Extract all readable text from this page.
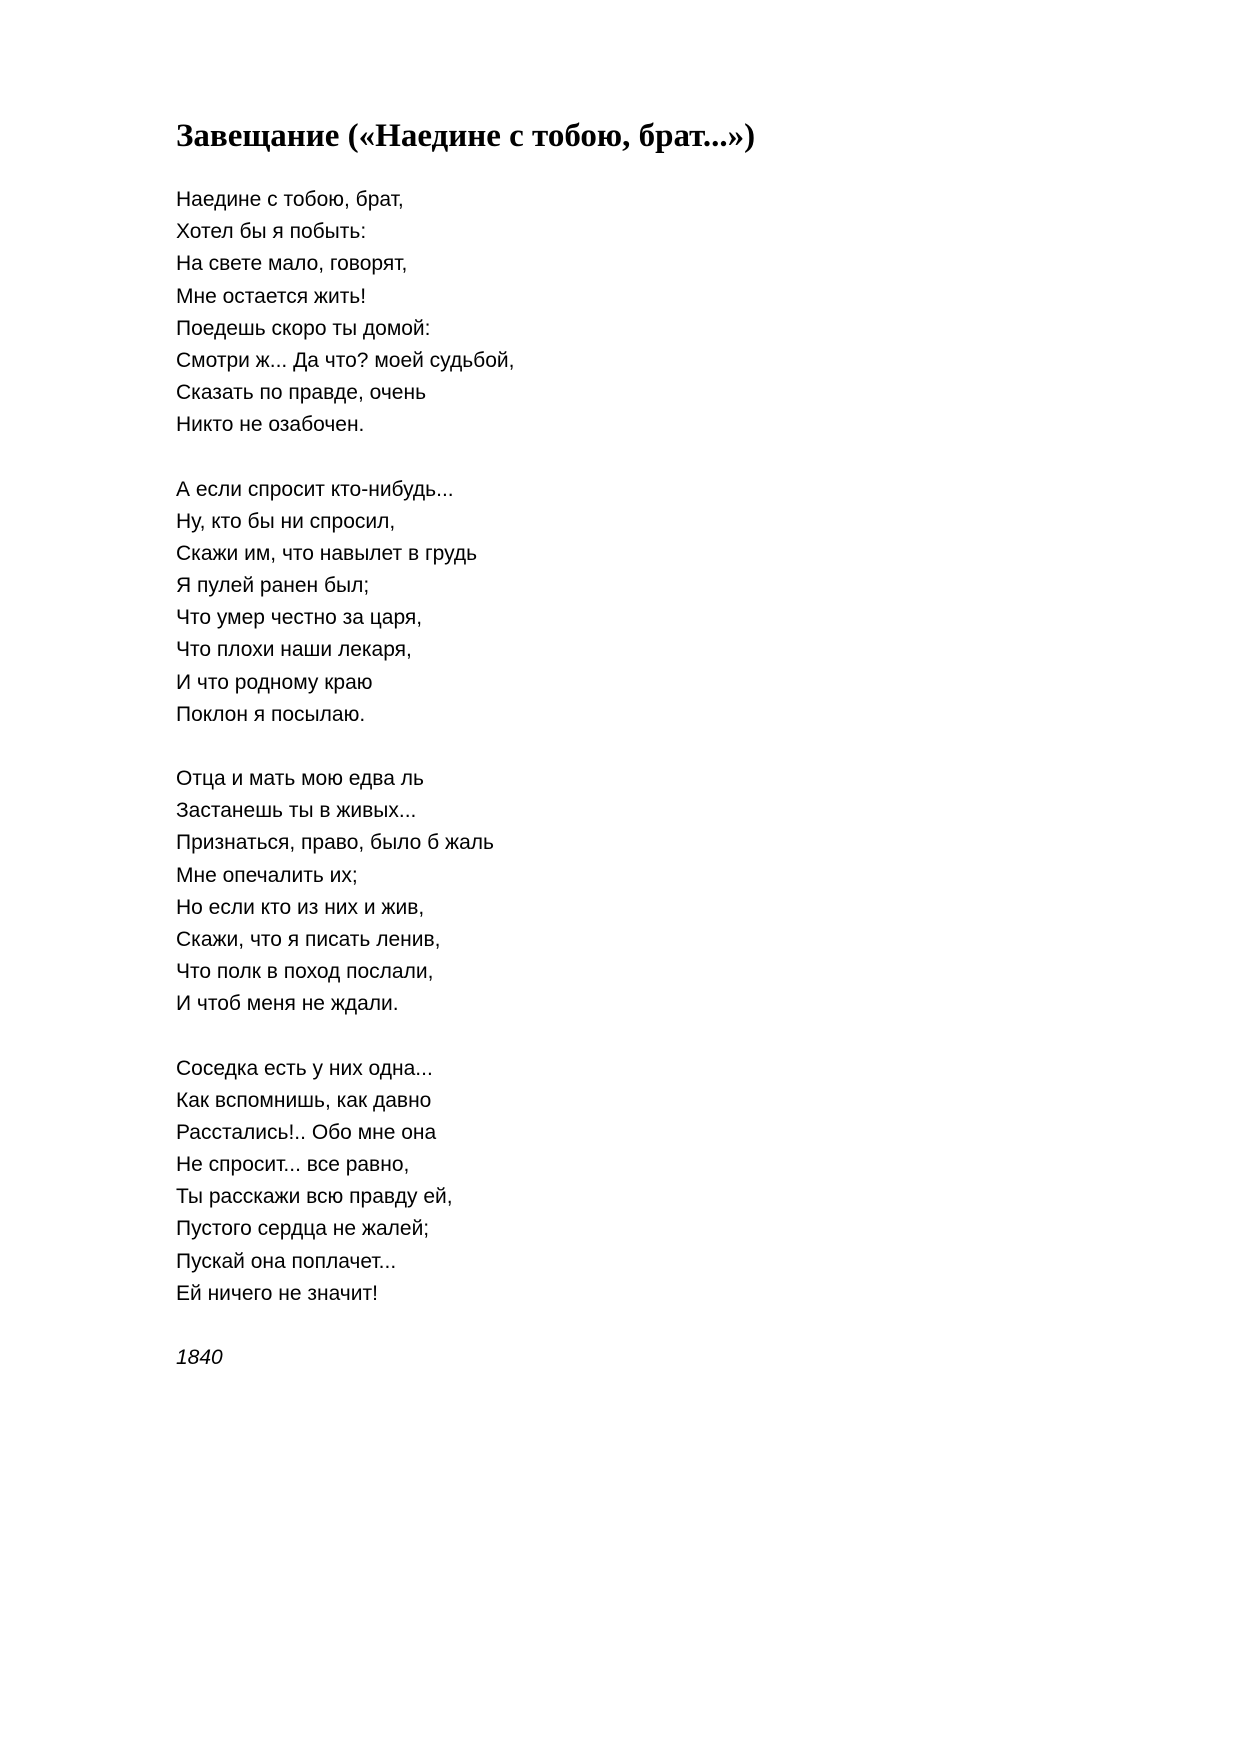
Завещание («Наедине с тобою, брат...»)
Наедине с тобою, брат,
Хотел бы я побыть:
На свете мало, говорят,
Мне остается жить!
Поедешь скоро ты домой:
Смотри ж... Да что? моей судьбой,
Сказать по правде, очень
Никто не озабочен.
А если спросит кто-нибудь...
Ну, кто бы ни спросил,
Скажи им, что навылет в грудь
Я пулей ранен был;
Что умер честно за царя,
Что плохи наши лекаря,
И что родному краю
Поклон я посылаю.
Отца и мать мою едва ль
Застанешь ты в живых...
Признаться, право, было б жаль
Мне опечалить их;
Но если кто из них и жив,
Скажи, что я писать ленив,
Что полк в поход послали,
И чтоб меня не ждали.
Соседка есть у них одна...
Как вспомнишь, как давно
Расстались!.. Обо мне она
Не спросит... все равно,
Ты расскажи всю правду ей,
Пустого сердца не жалей;
Пускай она поплачет...
Ей ничего не значит!
1840
